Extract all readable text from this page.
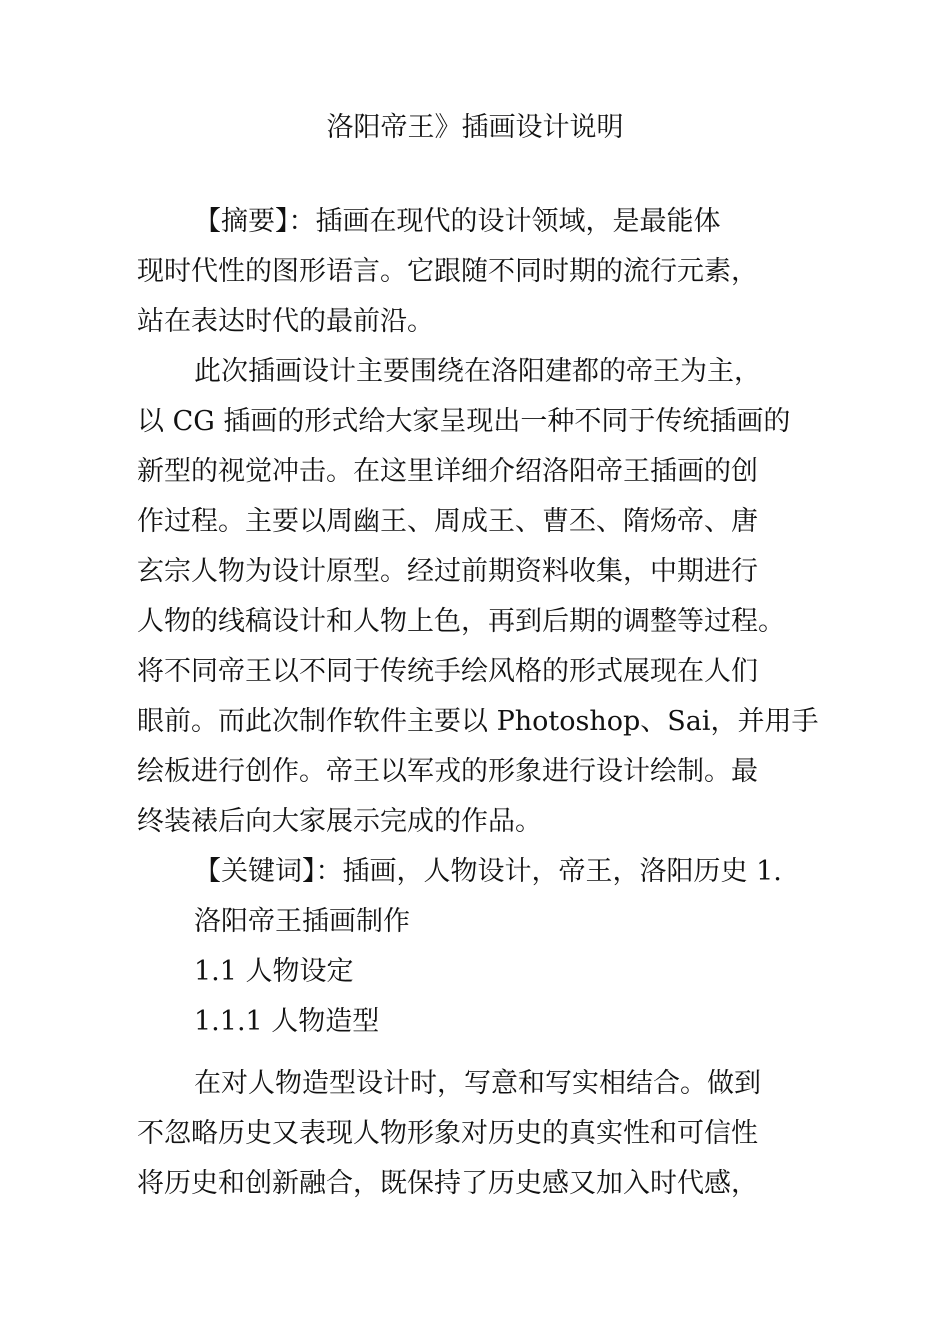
洛阳帝王》插画设计说明
【摘要】：插画在现代的设计领域，是最能体
现时代性的图形语言。它跟随不同时期的流行元素，
站在表达时代的最前沿。
此次插画设计主要围绕在洛阳建都的帝王为主，
以 CG 插画的形式给大家呈现出一种不同于传统插画的
新型的视觉冲击。在这里详细介绍洛阳帝王插画的创
作过程。主要以周幽王、周成王、曹丕、隋炀帝、唐
玄宗人物为设计原型。经过前期资料收集，中期进行
人物的线稿设计和人物上色，再到后期的调整等过程。
将不同帝王以不同于传统手绘风格的形式展现在人们
眼前。而此次制作软件主要以 Photoshop、Sai，并用手
绘板进行创作。帝王以军戎的形象进行设计绘制。最
终装裱后向大家展示完成的作品。
【关键词】：插画，人物设计，帝王，洛阳历史 1.
洛阳帝王插画制作
1.1 人物设定
1.1.1 人物造型
在对人物造型设计时，写意和写实相结合。做到
不忽略历史又表现人物形象对历史的真实性和可信性
将历史和创新融合，既保持了历史感又加入时代感，
